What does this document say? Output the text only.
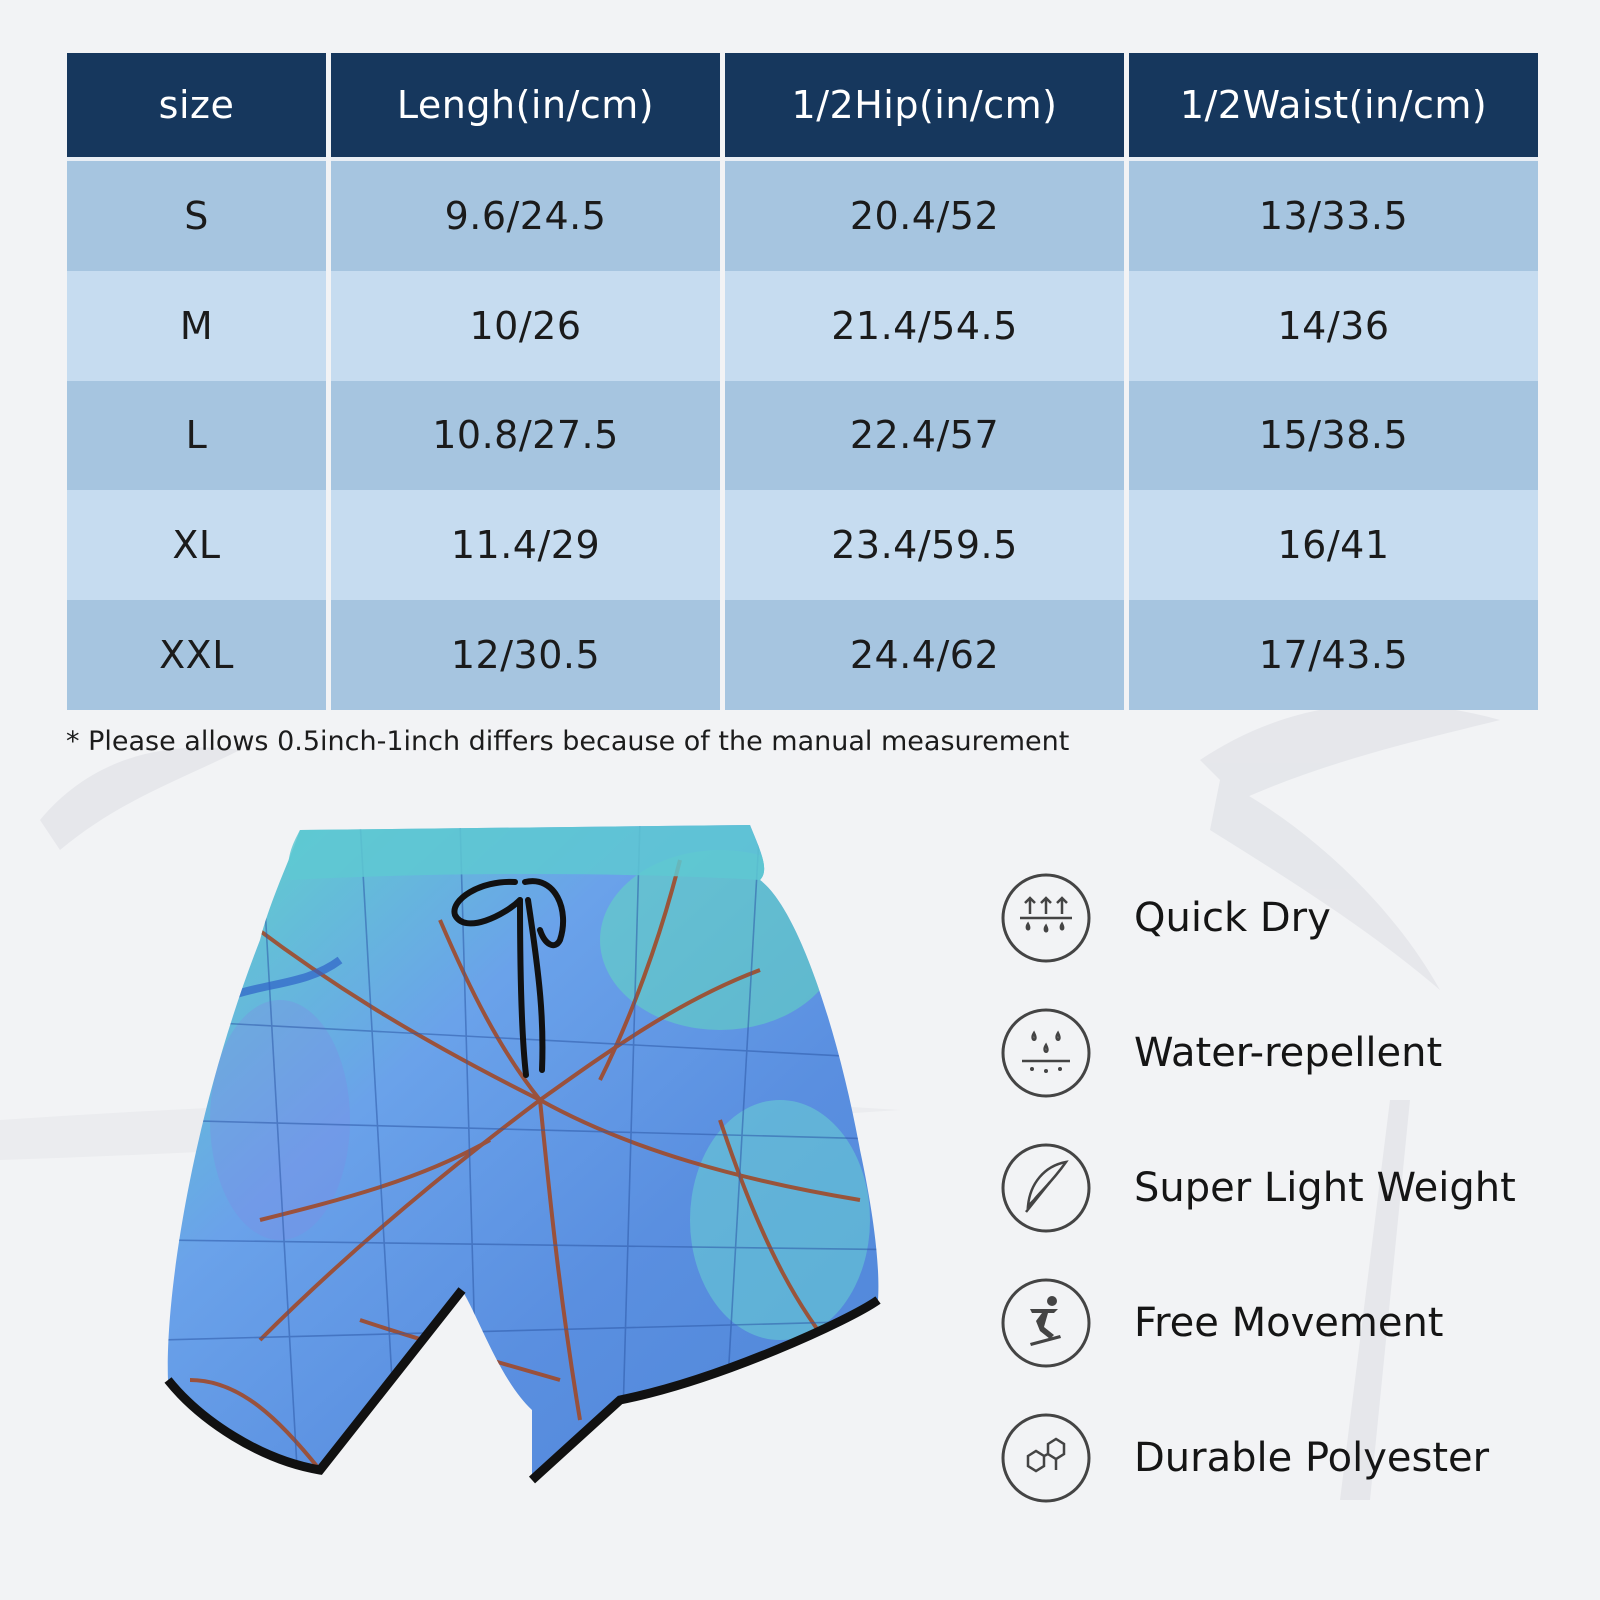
size	Lengh(in/cm)	1/2Hip(in/cm)	1/2Waist(in/cm)
S	9.6/24.5	20.4/52	13/33.5
M	10/26	21.4/54.5	14/36
L	10.8/27.5	22.4/57	15/38.5
XL	11.4/29	23.4/59.5	16/41
XXL	12/30.5	24.4/62	17/43.5
* Please allows 0.5inch-1inch differs because of the manual measurement
Quick Dry
Water-repellent
Super Light Weight
Free Movement
Durable Polyester
